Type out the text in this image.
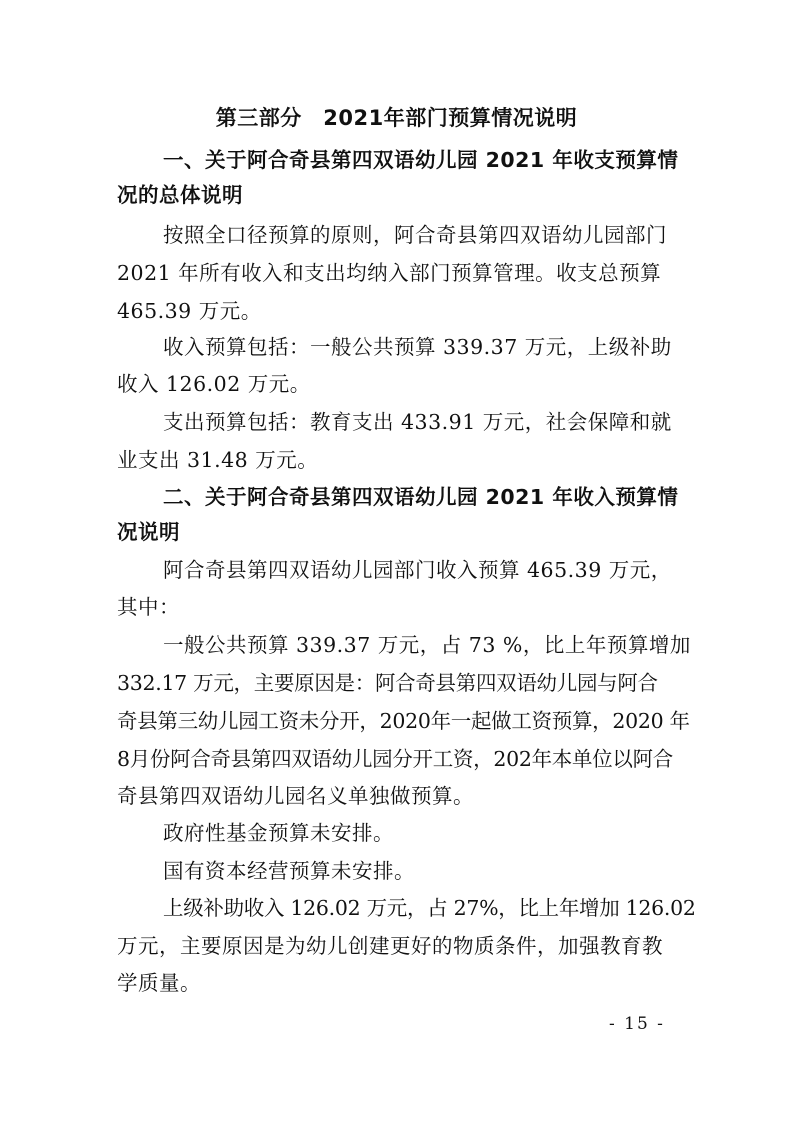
第三部分　2021年部门预算情况说明
一、关于阿合奇县第四双语幼儿园 2021 年收支预算情
况的总体说明
按照全口径预算的原则，阿合奇县第四双语幼儿园部门
2021 年所有收入和支出均纳入部门预算管理。收支总预算
465.39 万元。
收入预算包括：一般公共预算 339.37 万元，上级补助
收入 126.02 万元。
支出预算包括：教育支出 433.91 万元，社会保障和就
业支出 31.48 万元。
二、关于阿合奇县第四双语幼儿园 2021 年收入预算情
况说明
阿合奇县第四双语幼儿园部门收入预算 465.39 万元，
其中：
一般公共预算 339.37 万元，占 73 %，比上年预算增加
332.17 万元，主要原因是：阿合奇县第四双语幼儿园与阿合
奇县第三幼儿园工资未分开，2020年一起做工资预算，2020 年
8月份阿合奇县第四双语幼儿园分开工资，202年本单位以阿合
奇县第四双语幼儿园名义单独做预算。
政府性基金预算未安排。
国有资本经营预算未安排。
上级补助收入 126.02 万元，占 27%，比上年增加 126.02
万元，主要原因是为幼儿创建更好的物质条件，加强教育教
学质量。
- 15 -
